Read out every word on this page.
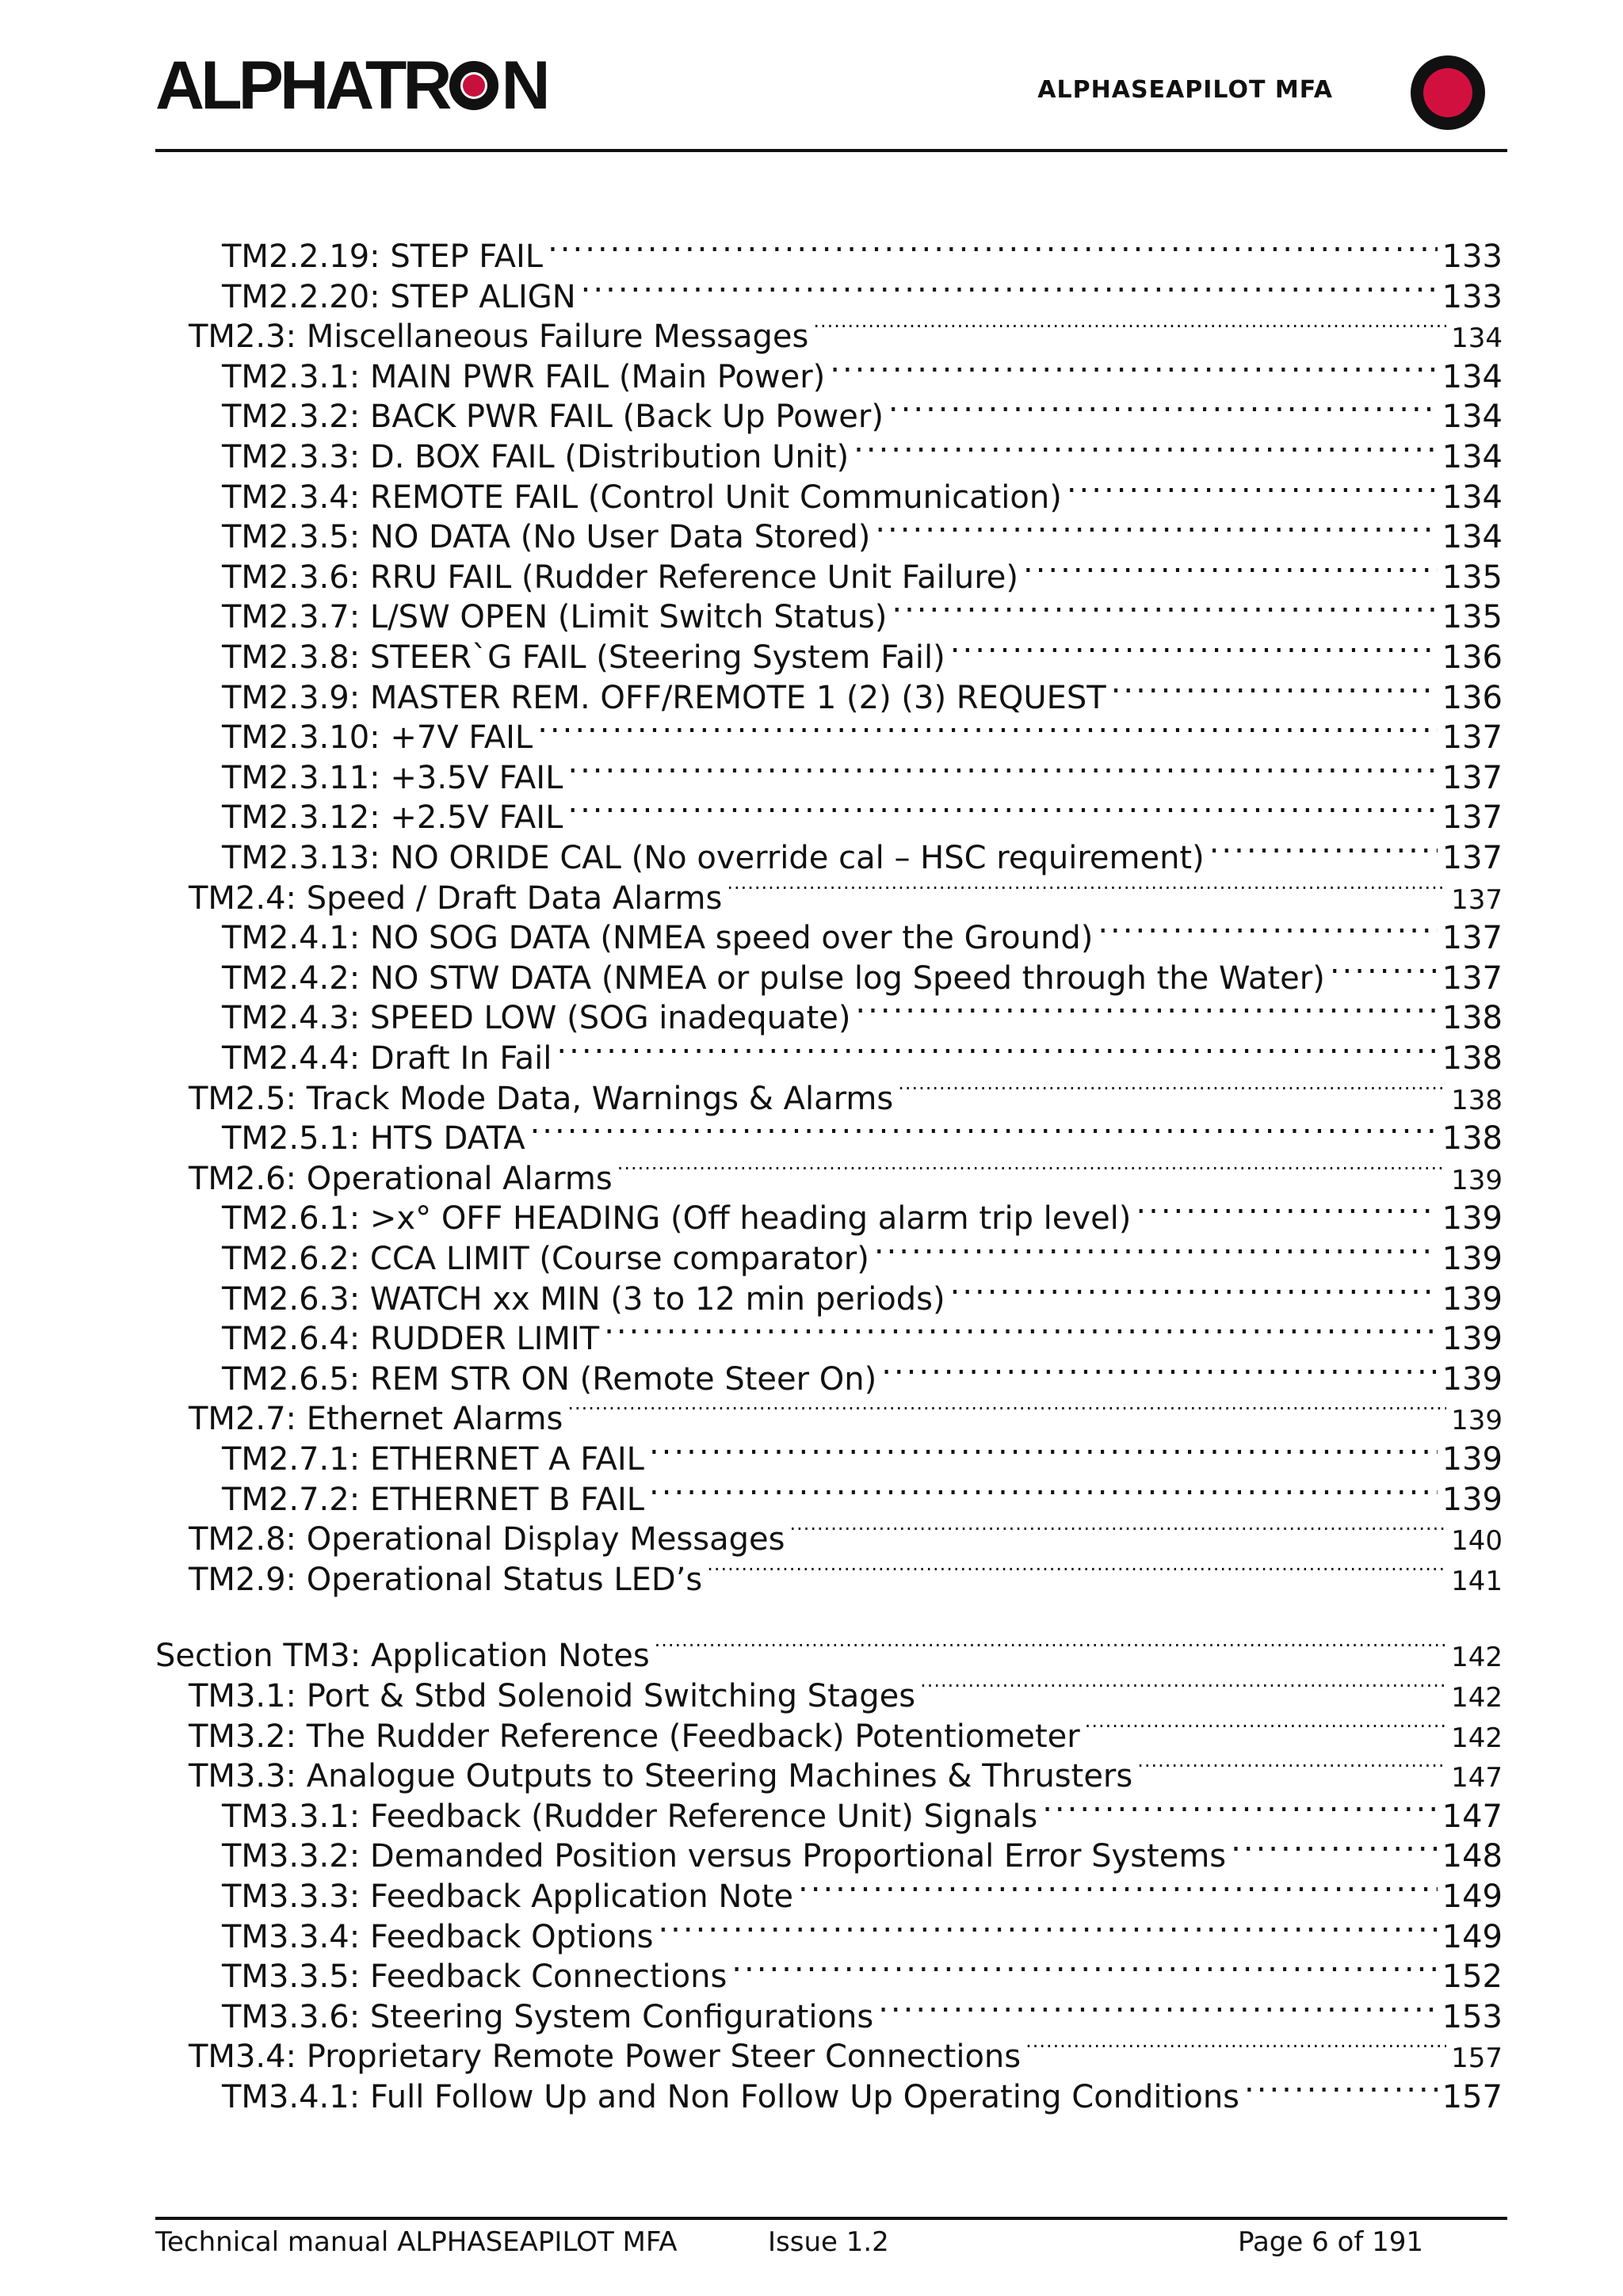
ALPHATR N	ALPHASEAPILOT MFA
TM2.2.19: STEP FAIL .....	133
TM2.2.20: STEP ALIGN .....	133
TM2.3: Miscellaneous Failure Messages .....	134
TM2.3.1: MAIN PWR FAIL (Main Power) .....	134
TM2.3.2: BACK PWR FAIL (Back Up Power) .....	134
TM2.3.3: D. BOX FAIL (Distribution Unit) .....	134
TM2.3.4: REMOTE FAIL (Control Unit Communication) .....	134
TM2.3.5: NO DATA (No User Data Stored) .....	134
TM2.3.6: RRU FAIL (Rudder Reference Unit Failure) .....	135
TM2.3.7: L/SW OPEN (Limit Switch Status) .....	135
TM2.3.8: STEER`G FAIL (Steering System Fail) .....	136
TM2.3.9: MASTER REM. OFF/REMOTE 1 (2) (3) REQUEST .....	136
TM2.3.10: +7V FAIL .....	137
TM2.3.11: +3.5V FAIL .....	137
TM2.3.12: +2.5V FAIL .....	137
TM2.3.13: NO ORIDE CAL (No override cal – HSC requirement) .....	137
TM2.4: Speed / Draft Data Alarms .....	137
TM2.4.1: NO SOG DATA (NMEA speed over the Ground) .....	137
TM2.4.2: NO STW DATA (NMEA or pulse log Speed through the Water) .....	137
TM2.4.3: SPEED LOW (SOG inadequate) .....	138
TM2.4.4: Draft In Fail .....	138
TM2.5: Track Mode Data, Warnings & Alarms .....	138
TM2.5.1: HTS DATA .....	138
TM2.6: Operational Alarms .....	139
TM2.6.1: >x° OFF HEADING (Off heading alarm trip level) .....	139
TM2.6.2: CCA LIMIT (Course comparator) .....	139
TM2.6.3: WATCH xx MIN (3 to 12 min periods) .....	139
TM2.6.4: RUDDER LIMIT .....	139
TM2.6.5: REM STR ON (Remote Steer On) .....	139
TM2.7: Ethernet Alarms .....	139
TM2.7.1: ETHERNET A FAIL .....	139
TM2.7.2: ETHERNET B FAIL .....	139
TM2.8: Operational Display Messages .....	140
TM2.9: Operational Status LED’s .....	141
Section TM3: Application Notes .....	142
TM3.1: Port & Stbd Solenoid Switching Stages .....	142
TM3.2: The Rudder Reference (Feedback) Potentiometer .....	142
TM3.3: Analogue Outputs to Steering Machines & Thrusters .....	147
TM3.3.1: Feedback (Rudder Reference Unit) Signals .....	147
TM3.3.2: Demanded Position versus Proportional Error Systems .....	148
TM3.3.3: Feedback Application Note .....	149
TM3.3.4: Feedback Options .....	149
TM3.3.5: Feedback Connections .....	152
TM3.3.6: Steering System Configurations .....	153
TM3.4: Proprietary Remote Power Steer Connections .....	157
TM3.4.1: Full Follow Up and Non Follow Up Operating Conditions .....	157
Technical manual ALPHASEAPILOT MFA	Issue 1.2	Page 6 of 191
